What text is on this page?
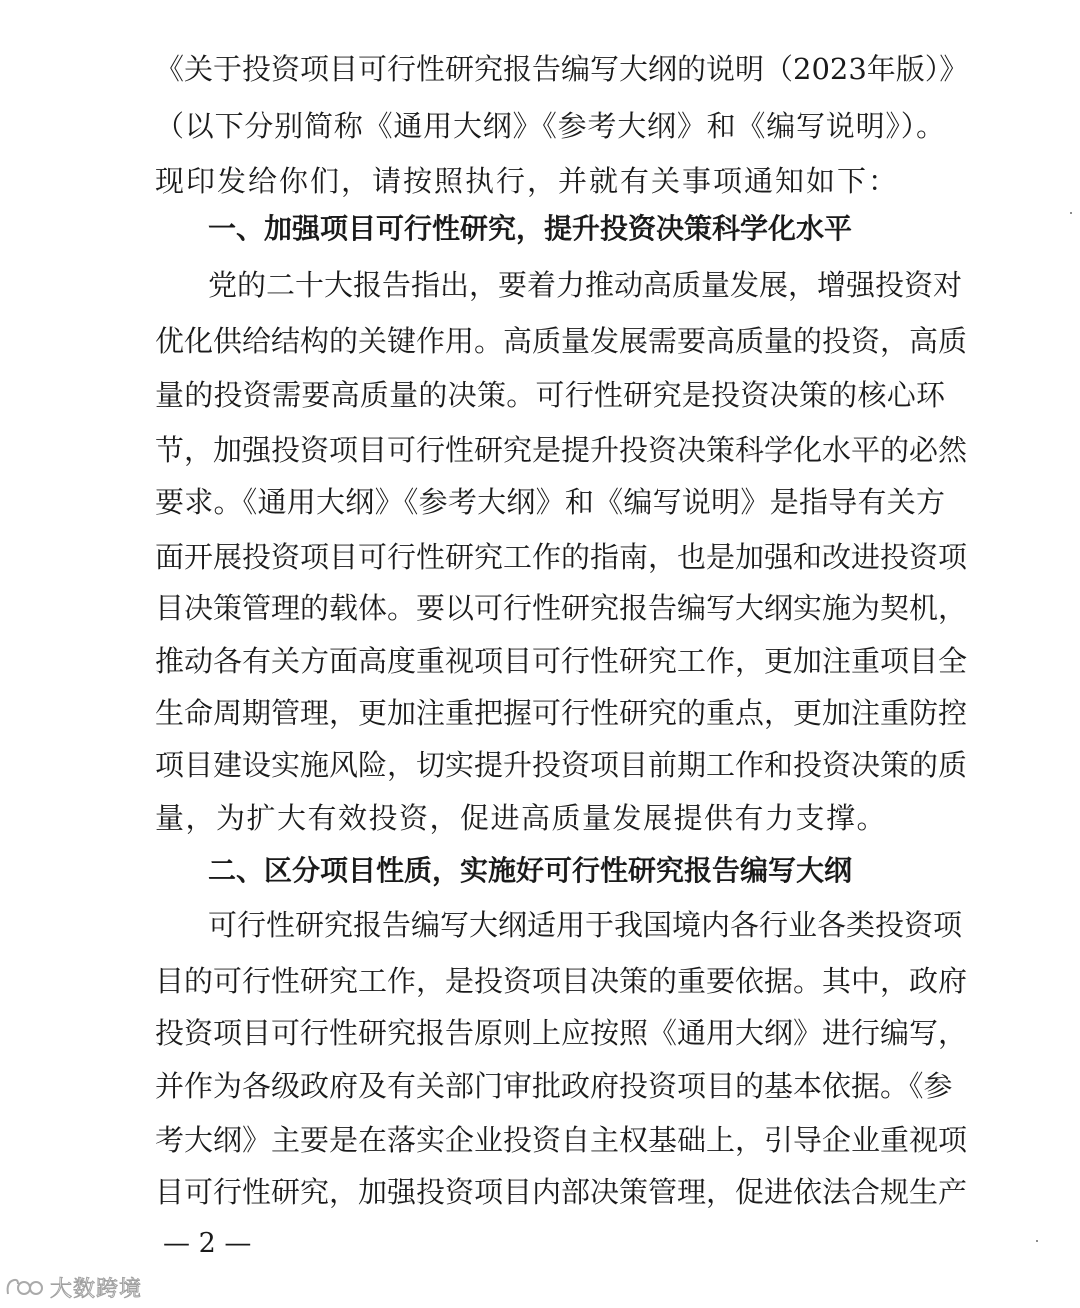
《关于投资项目可行性研究报告编写大纲的说明（2023年版）》
（以下分别简称《通用大纲》《参考大纲》和《编写说明》）。
现印发给你们，请按照执行，并就有关事项通知如下：
一、加强项目可行性研究，提升投资决策科学化水平
党的二十大报告指出，要着力推动高质量发展，增强投资对
优化供给结构的关键作用。高质量发展需要高质量的投资，高质
量的投资需要高质量的决策。可行性研究是投资决策的核心环
节，加强投资项目可行性研究是提升投资决策科学化水平的必然
要求。《通用大纲》《参考大纲》和《编写说明》是指导有关方
面开展投资项目可行性研究工作的指南，也是加强和改进投资项
目决策管理的载体。要以可行性研究报告编写大纲实施为契机，
推动各有关方面高度重视项目可行性研究工作，更加注重项目全
生命周期管理，更加注重把握可行性研究的重点，更加注重防控
项目建设实施风险，切实提升投资项目前期工作和投资决策的质
量，为扩大有效投资，促进高质量发展提供有力支撑。
二、区分项目性质，实施好可行性研究报告编写大纲
可行性研究报告编写大纲适用于我国境内各行业各类投资项
目的可行性研究工作，是投资项目决策的重要依据。其中，政府
投资项目可行性研究报告原则上应按照《通用大纲》进行编写，
并作为各级政府及有关部门审批政府投资项目的基本依据。《参
考大纲》主要是在落实企业投资自主权基础上，引导企业重视项
目可行性研究，加强投资项目内部决策管理，促进依法合规生产
— 2 —
大数跨境
